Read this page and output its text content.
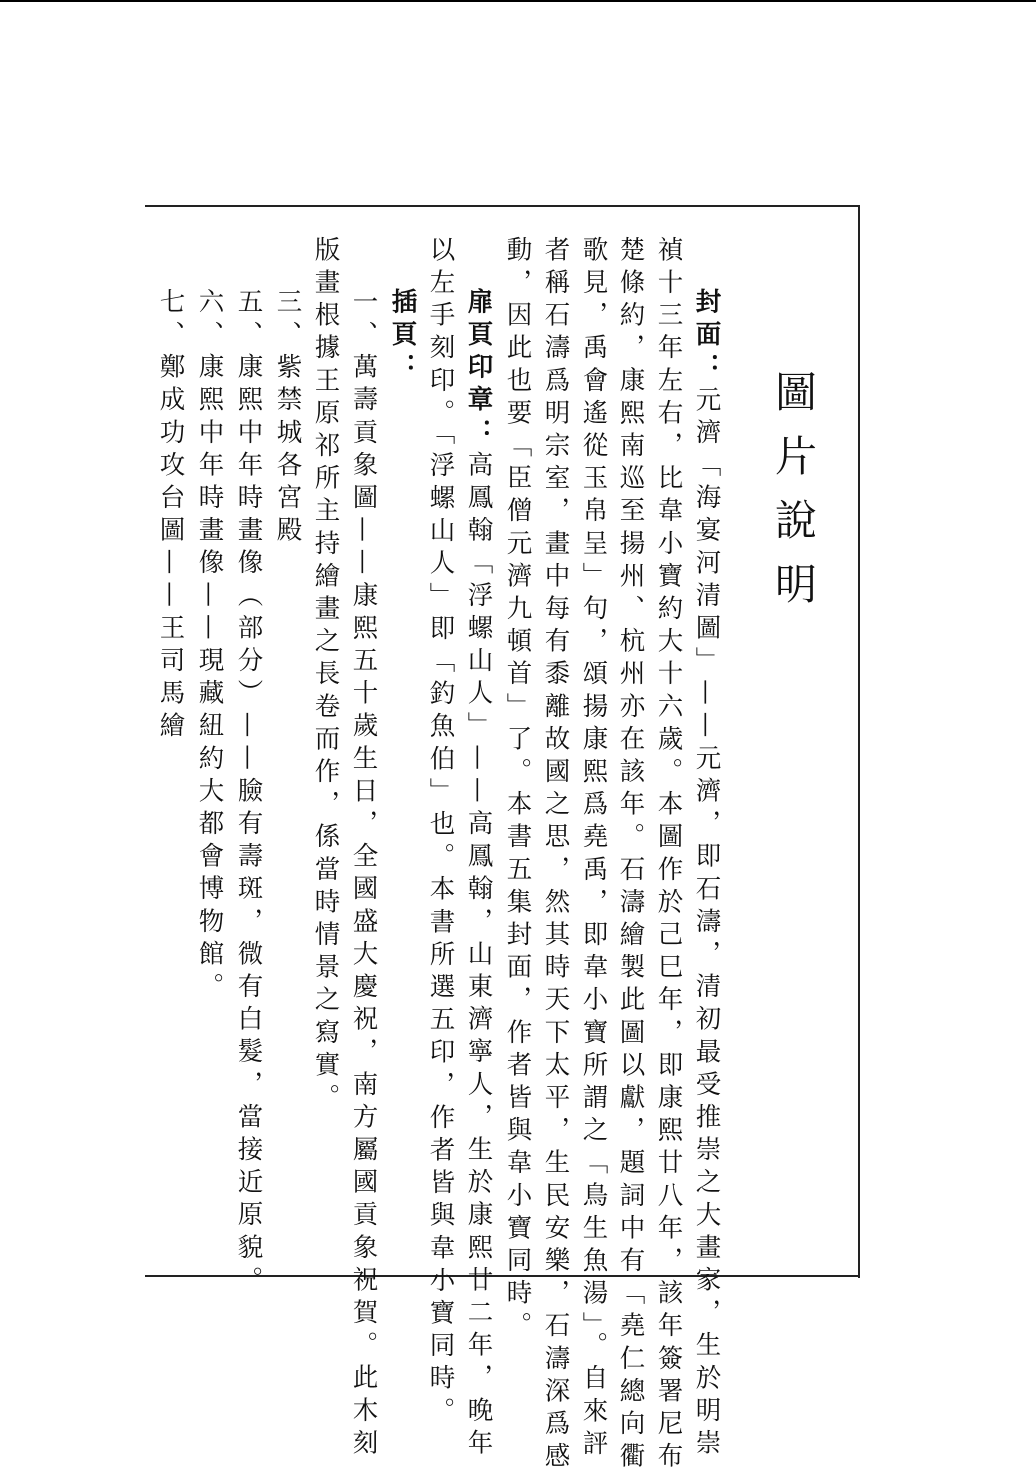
圖片說明
封面：元濟「海宴河清圖」——元濟，即石濤，清初最受推崇之大畫家，生於明崇
禎十三年左右，比韋小寶約大十六歲。本圖作於己巳年，即康熙廿八年，該年簽署尼布
楚條約，康熙南巡至揚州、杭州亦在該年。石濤繪製此圖以獻，題詞中有「堯仁總向衢
歌見，禹會遙從玉帛呈」句，頌揚康熙爲堯禹，即韋小寶所謂之「鳥生魚湯」。自來評
者稱石濤爲明宗室，畫中每有黍離故國之思，然其時天下太平，生民安樂，石濤深爲感
動，因此也要「臣僧元濟九頓首」了。本書五集封面，作者皆與韋小寶同時。
扉頁印章：高鳳翰「浮螺山人」——高鳳翰，山東濟寧人，生於康熙廿二年，晚年
以左手刻印。「浮螺山人」即「釣魚伯」也。本書所選五印，作者皆與韋小寶同時。
插頁：
一、萬壽貢象圖——康熙五十歲生日，全國盛大慶祝，南方屬國貢象祝賀。此木刻
版畫根據王原祁所主持繪畫之長卷而作，係當時情景之寫實。
三、紫禁城各宮殿
五、康熙中年時畫像（部分）——臉有壽斑，微有白髮，當接近原貌。
六、康熙中年時畫像——現藏紐約大都會博物館。
七、鄭成功攻台圖——王司馬繪
